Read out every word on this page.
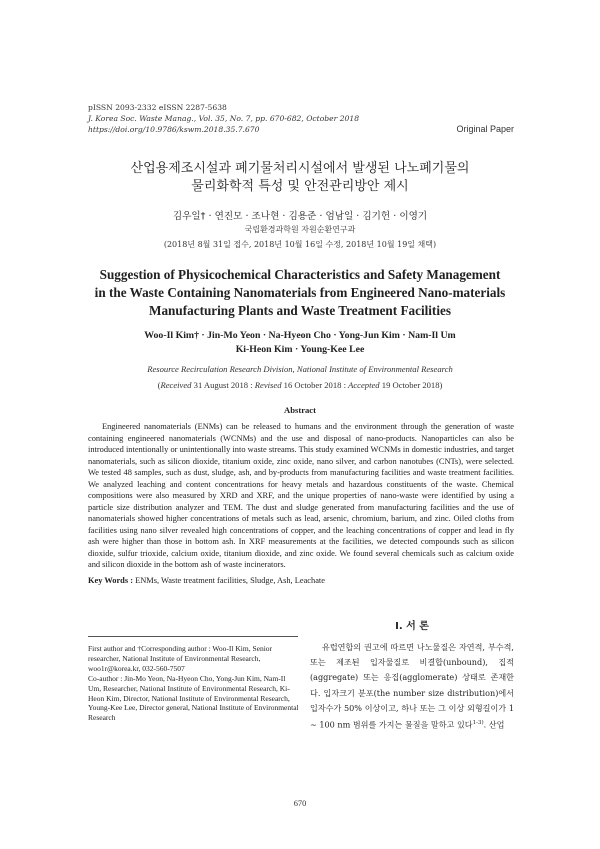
pISSN 2093-2332 eISSN 2287-5638
J. Korea Soc. Waste Manag., Vol. 35, No. 7, pp. 670-682, October 2018
https://doi.org/10.9786/kswm.2018.35.7.670	Original Paper
산업용제조시설과 폐기물처리시설에서 발생된 나노폐기물의
물리화학적 특성 및 안전관리방안 제시
김우일† · 연진모 · 조나현 · 김용준 · 엄남일 · 김기헌 · 이영기
국립환경과학원 자원순환연구과
(2018년 8월 31일 접수, 2018년 10월 16일 수정, 2018년 10월 19일 채택)
Suggestion of Physicochemical Characteristics and Safety Management
in the Waste Containing Nanomaterials from Engineered Nano-materials
Manufacturing Plants and Waste Treatment Facilities
Woo-Il Kim† · Jin-Mo Yeon · Na-Hyeon Cho · Yong-Jun Kim · Nam-Il Um
Ki-Heon Kim · Young-Kee Lee
Resource Recirculation Research Division, National Institute of Environmental Research
(Received 31 August 2018 : Revised 16 October 2018 : Accepted 19 October 2018)
Abstract

Engineered nanomaterials (ENMs) can be released to humans and the environment through the generation of waste containing engineered nanomaterials (WCNMs) and the use and disposal of nano-products. Nanoparticles can also be introduced intentionally or unintentionally into waste streams. This study examined WCNMs in domestic industries, and target nanomaterials, such as silicon dioxide, titanium oxide, zinc oxide, nano silver, and carbon nanotubes (CNTs), were selected. We tested 48 samples, such as dust, sludge, ash, and by-products from manufacturing facilities and waste treatment facilities. We analyzed leaching and content concentrations for heavy metals and hazardous constituents of the waste. Chemical compositions were also measured by XRD and XRF, and the unique properties of nano-waste were identified by using a particle size distribution analyzer and TEM. The dust and sludge generated from manufacturing facilities and the use of nanomaterials showed higher concentrations of metals such as lead, arsenic, chromium, barium, and zinc. Oiled cloths from facilities using nano silver revealed high concentrations of copper, and the leaching concentrations of copper and lead in fly ash were higher than those in bottom ash. In XRF measurements at the facilities, we detected compounds such as silicon dioxide, sulfur trioxide, calcium oxide, titanium dioxide, and zinc oxide. We found several chemicals such as calcium oxide and silicon dioxide in the bottom ash of waste incinerators.

Key Words : ENMs, Waste treatment facilities, Sludge, Ash, Leachate

First author and †Corresponding author : Woo-Il Kim, Senior researcher, National Institute of Environmental Research, woo1r@korea.kr, 032-560-7507

Co-author : Jin-Mo Yeon, Na-Hyeon Cho, Yong-Jun Kim, Nam-Il Um, Researcher, National Institute of Environmental Research, Ki-Heon Kim, Director, National Institute of Environmental Research, Young-Kee Lee, Director general, National Institute of Environmental Research

I. 서 론

유럽연합의 권고에 따르면 나노물질은 자연적, 부수적, 또는 제조된 입자물질로 비결합(unbound), 집적(aggregate) 또는 응집(agglomerate) 상태로 존재한다. 입자크기 분포(the number size distribution)에서 입자수가 50% 이상이고, 하나 또는 그 이상 외형길이가 1 ~ 100 nm 범위를 가지는 물질을 말하고 있다$^{1-3)}$. 산업

670
